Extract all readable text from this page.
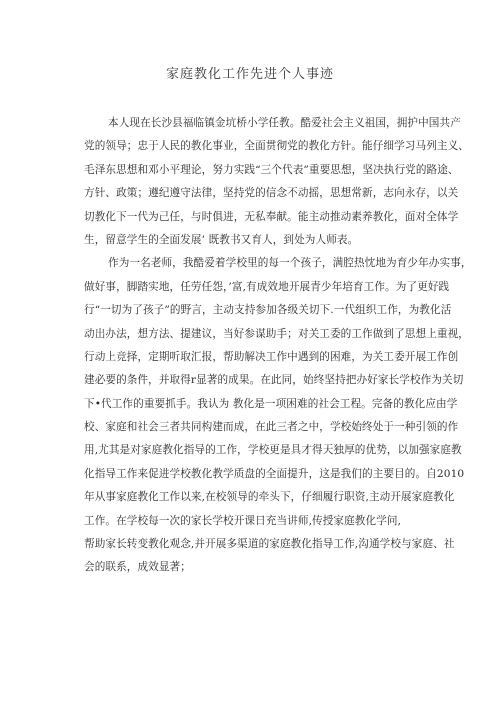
家庭教化工作先进个人事迹
本人现在长沙县福临镇金坑桥小学任教。酷爱社会主义祖国，拥护中国共产
党的领导；忠于人民的教化事业，全面贯彻党的教化方针。能仔细学习马列主义、
毛泽东思想和邓小平理论，努力实践“三个代表”重要思想，坚决执行党的路途、
方针、政策；遵纪遵守法律，坚持党的信念不动摇，思想常新，志向永存，以关
切教化下一代为己任，与时俱进，无私奉献。能主动推动素养教化，面对全体学
生，留意学生的全面发展’ 既教书又育人，到处为人师表。
作为一名老师，我酷爱着学校里的每一个孩子，满腔热忱地为育少年办实事，
做好事，脚踏实地，任劳任怨，’富,有成效地开展青少年培育工作。为了更好践
行“一切为了孩子”的野言，主动支持参加各级关切下.一代组织工作，为教化活
动出办法，想方法、提建议，当好参谋助手；对关工委的工作做到了思想上重视，
行动上竞择，定期听取汇报，帮助解决工作中遇到的困难，为关工委开展工作创
建必要的条件，并取得r显著的成果。在此同，始终坚持把办好家长学校作为关切
下•代工作的重要抓手。我认为 教化是一项困难的社会工程。完备的教化应由学
校、家庭和社会三者共同构建而成，在此三者之中，学校始终处于一种引领的作
用,尤其是对家庭教化指导的工作，学校更是具才得天独厚的优势，以加强家庭教
化指导工作来促进学校教化教学质盘的全面提升，这是我们的主要目的。自2010
年从事家庭教化工作以来,在校领导的牵头下，仔细履行职资,主动开展家庭教化
工作。在学校每一次的家长学校开课日充当讲师,传授家庭教化学问,
帮助家长转变教化观念,并开展多渠道的家庭教化指导工作,沟通学校与家庭、社
会的联系，成效显著；
